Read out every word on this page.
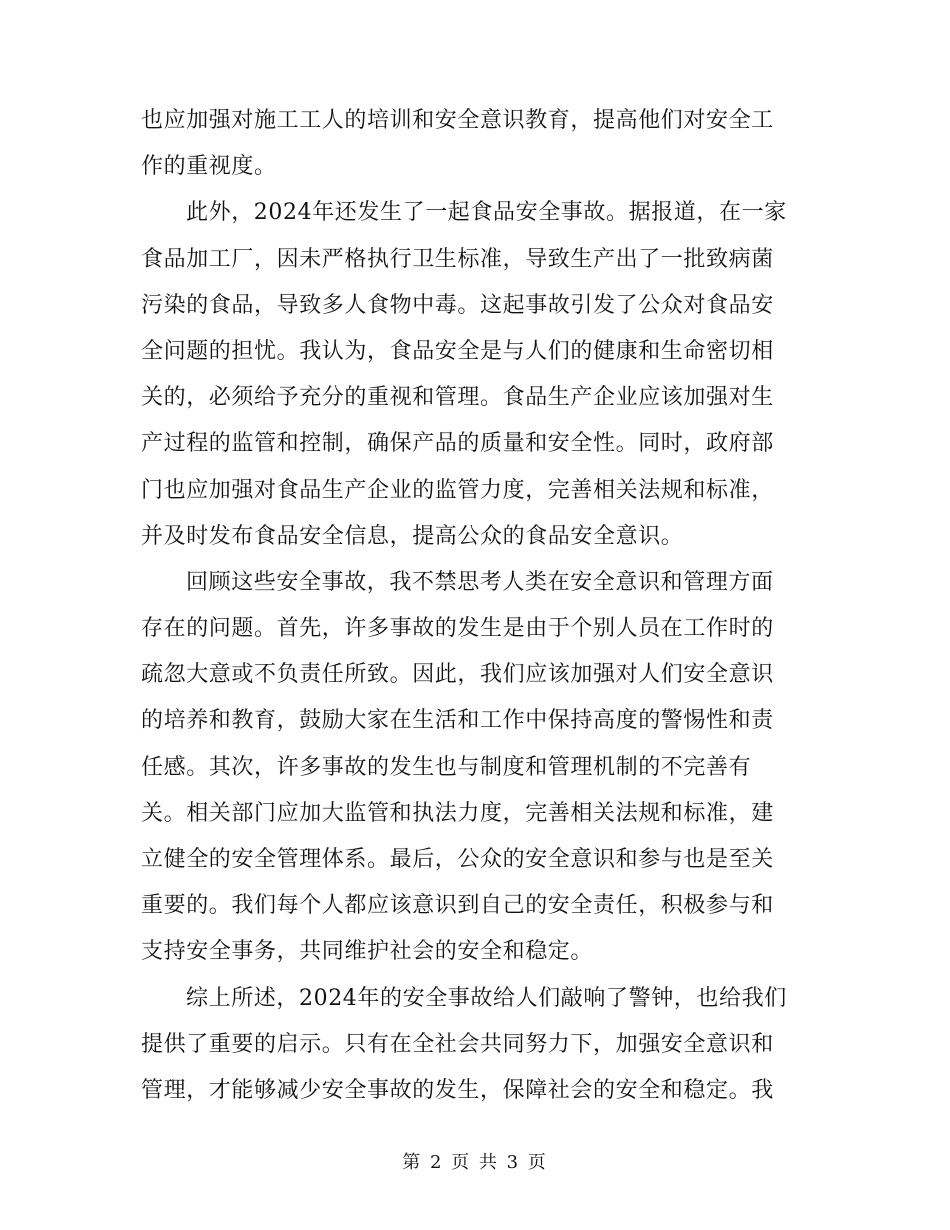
也应加强对施工工人的培训和安全意识教育，提高他们对安全工
作的重视度。
此外，2024年还发生了一起食品安全事故。据报道，在一家
食品加工厂，因未严格执行卫生标准，导致生产出了一批致病菌
污染的食品，导致多人食物中毒。这起事故引发了公众对食品安
全问题的担忧。我认为，食品安全是与人们的健康和生命密切相
关的，必须给予充分的重视和管理。食品生产企业应该加强对生
产过程的监管和控制，确保产品的质量和安全性。同时，政府部
门也应加强对食品生产企业的监管力度，完善相关法规和标准，
并及时发布食品安全信息，提高公众的食品安全意识。
回顾这些安全事故，我不禁思考人类在安全意识和管理方面
存在的问题。首先，许多事故的发生是由于个别人员在工作时的
疏忽大意或不负责任所致。因此，我们应该加强对人们安全意识
的培养和教育，鼓励大家在生活和工作中保持高度的警惕性和责
任感。其次，许多事故的发生也与制度和管理机制的不完善有
关。相关部门应加大监管和执法力度，完善相关法规和标准，建
立健全的安全管理体系。最后，公众的安全意识和参与也是至关
重要的。我们每个人都应该意识到自己的安全责任，积极参与和
支持安全事务，共同维护社会的安全和稳定。
综上所述，2024年的安全事故给人们敲响了警钟，也给我们
提供了重要的启示。只有在全社会共同努力下，加强安全意识和
管理，才能够减少安全事故的发生，保障社会的安全和稳定。我
第 2 页 共 3 页
